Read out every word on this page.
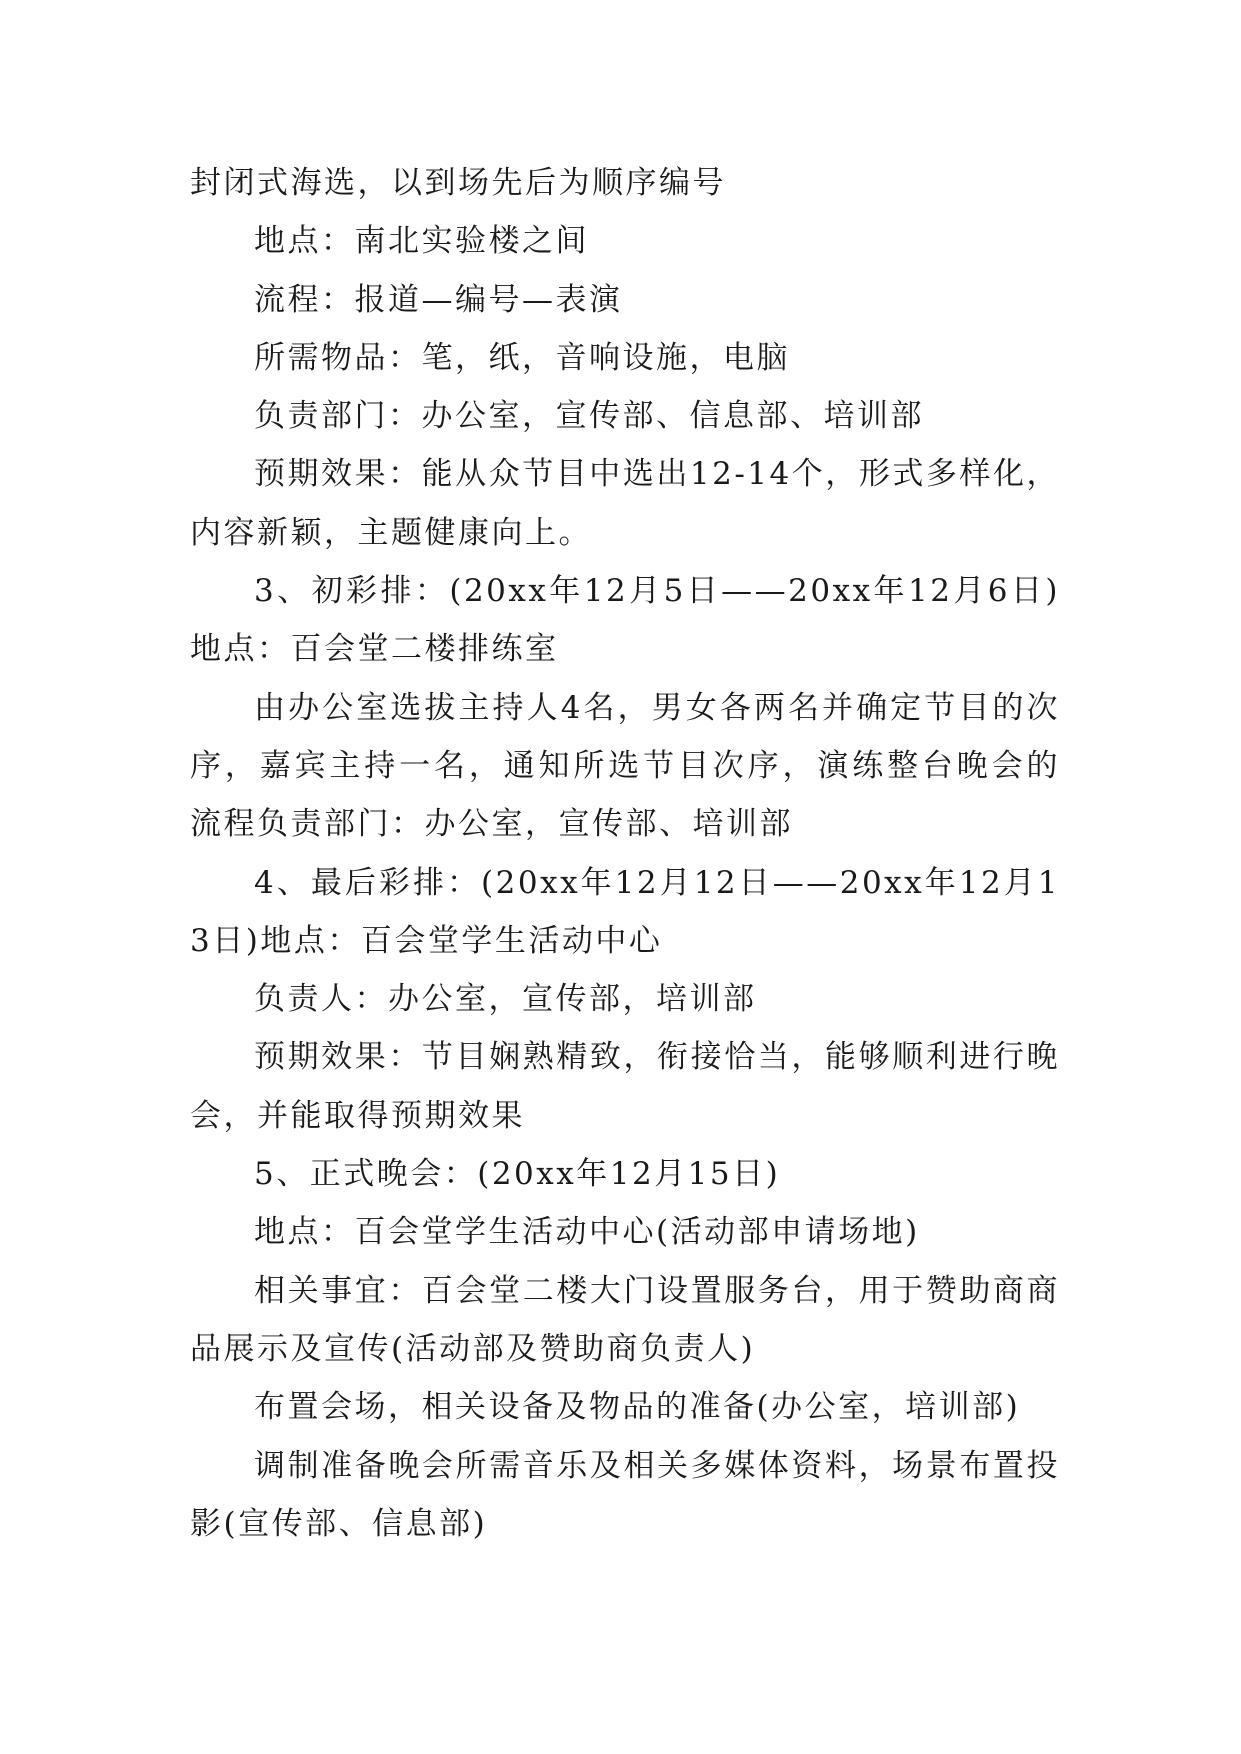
封闭式海选，以到场先后为顺序编号

地点：南北实验楼之间

流程：报道—编号—表演

所需物品：笔，纸，音响设施，电脑

负责部门：办公室，宣传部、信息部、培训部

预期效果：能从众节目中选出12-14个，形式多样化，内容新颖，主题健康向上。

3、初彩排：(20xx年12月5日——20xx年12月6日)地点：百会堂二楼排练室

由办公室选拔主持人4名，男女各两名并确定节目的次序，嘉宾主持一名，通知所选节目次序，演练整台晚会的流程负责部门：办公室，宣传部、培训部

4、最后彩排：(20xx年12月12日——20xx年12月13日)地点：百会堂学生活动中心

负责人：办公室，宣传部，培训部

预期效果：节目娴熟精致，衔接恰当，能够顺利进行晚会，并能取得预期效果

5、正式晚会：(20xx年12月15日)

地点：百会堂学生活动中心(活动部申请场地)

相关事宜：百会堂二楼大门设置服务台，用于赞助商商品展示及宣传(活动部及赞助商负责人)

布置会场，相关设备及物品的准备(办公室，培训部)

调制准备晚会所需音乐及相关多媒体资料，场景布置投影(宣传部、信息部)
